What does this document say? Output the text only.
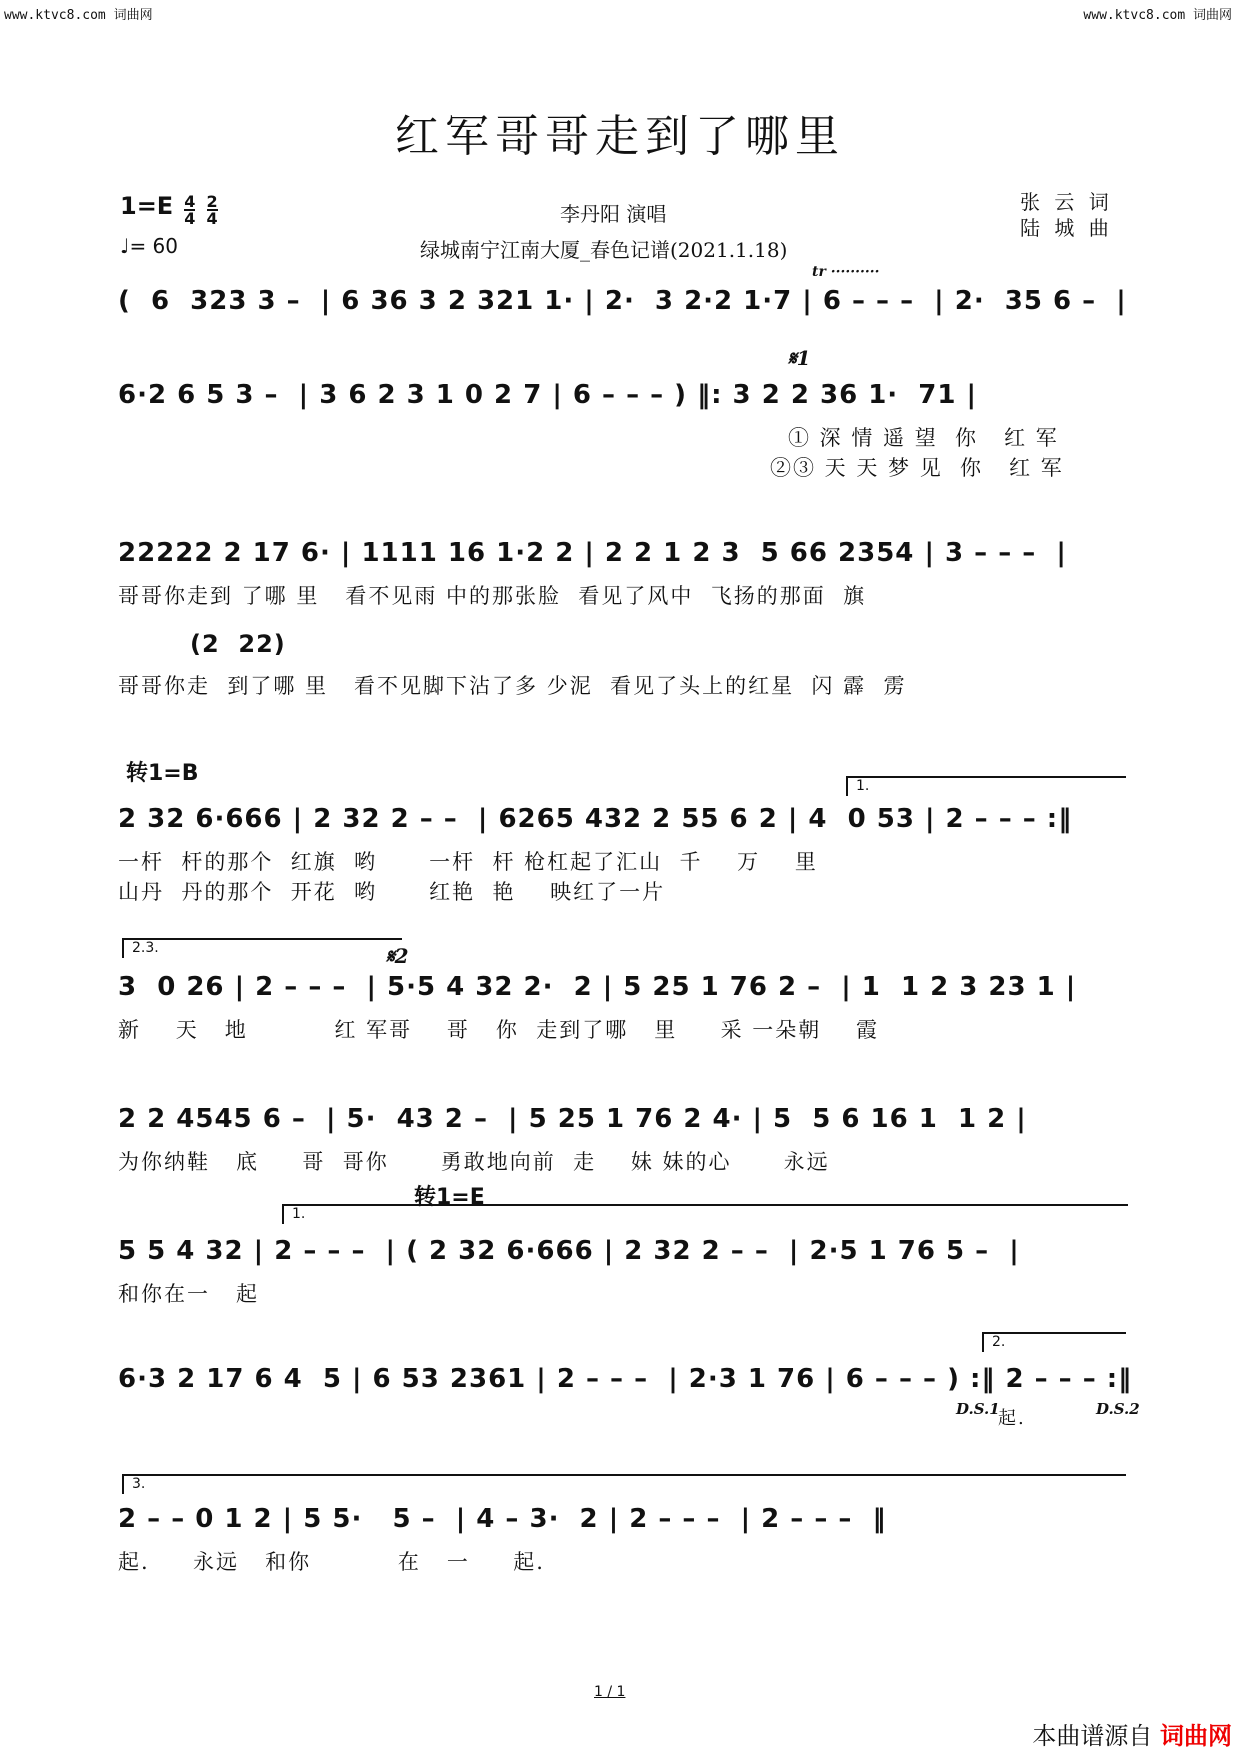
www.ktvc8.com 词曲网	www.ktvc8.com 词曲网
红军哥哥走到了哪里
$1=E \frac{4}{4}$
$\frac{2}{4}$
♩= 60
李丹阳 演唱
绿城南宁江南大厦_春色记谱(2021.1.18)
张 云 词
陆 城 曲
tr ··········
𝄋1
𝄋2
转1=B
转1=E
D.S.1
起.	D.S.2
1.
2.3.
1.
2.
3.
(  6  323 3 –  | 6 36 3 2 321 1· | 2·  3 2·2 1·7 | 6 – – –  | 2·  35 6 –  |
6·2 6 5 3 –  | 3 6 2 3 1 0 2 7 | 6 – – – ) ‖: 3 2 2 36 1·  71 |
① 深 情 遥 望  你   红 军
②③ 天 天 梦 见  你   红 军
22222 2 17 6· | 1111 16 1·2 2 | 2 2 1 2 3  5 66 2354 | 3 – – –  |
哥哥你走到 了哪 里   看不见雨 中的那张脸  看见了风中  飞扬的那面  旗
(2  22)
哥哥你走  到了哪 里   看不见脚下沾了多 少泥  看见了头上的红星  闪 霹  雳
2 32 6·666 | 2 32 2 – –  | 6265 432 2 55 6 2 | 4  0 53 | 2 – – – :‖
一杆  杆的那个  红旗  哟      一杆  杆 枪杠起了汇山  千    万    里
山丹  丹的那个  开花  哟      红艳  艳    映红了一片
3  0 26 | 2 – – –  | 5·5 4 32 2·  2 | 5 25 1 76 2 –  | 1  1 2 3 23 1 |
新    天   地          红 军哥    哥   你  走到了哪   里     采 一朵朝    霞
2 2 4545 6 –  | 5·  43 2 –  | 5 25 1 76 2 4· | 5  5 6 16 1  1 2 |
为你纳鞋   底     哥  哥你      勇敢地向前  走    妹 妹的心      永远
5 5 4 32 | 2 – – –  | ( 2 32 6·666 | 2 32 2 – –  | 2·5 1 76 5 –  |
和你在一   起
6·3 2 17 6 4  5 | 6 53 2361 | 2 – – –  | 2·3 1 76 | 6 – – – ) :‖ 2 – – – :‖
2 – – 0 1 2 | 5 5·   5 –  | 4 – 3·  2 | 2 – – –  | 2 – – –  ‖
起.     永远   和你          在   一     起.
1 / 1
本曲谱源自 词曲网
